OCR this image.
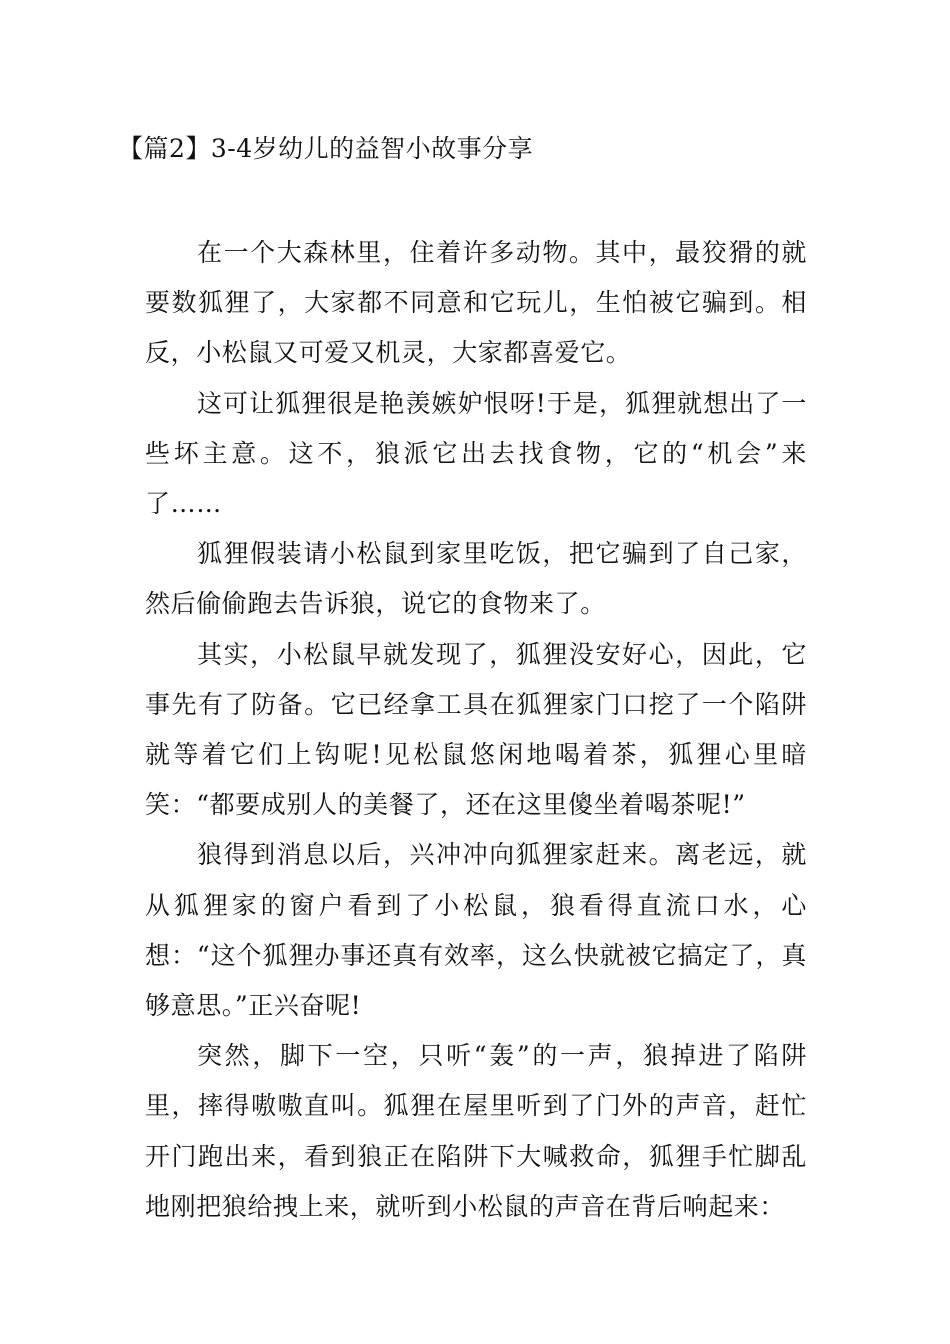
【篇2】3-4岁幼儿的益智小故事分享

在一个大森林里，住着许多动物。其中，最狡猾的就要数狐狸了，大家都不同意和它玩儿，生怕被它骗到。相反，小松鼠又可爱又机灵，大家都喜爱它。

这可让狐狸很是艳羡嫉妒恨呀!于是，狐狸就想出了一些坏主意。这不，狼派它出去找食物，它的“机会”来了……

狐狸假装请小松鼠到家里吃饭，把它骗到了自己家，然后偷偷跑去告诉狼，说它的食物来了。

其实，小松鼠早就发现了，狐狸没安好心，因此，它事先有了防备。它已经拿工具在狐狸家门口挖了一个陷阱就等着它们上钩呢!见松鼠悠闲地喝着茶，狐狸心里暗笑：“都要成别人的美餐了，还在这里傻坐着喝茶呢!”

狼得到消息以后，兴冲冲向狐狸家赶来。离老远，就从狐狸家的窗户看到了小松鼠，狼看得直流口水，心想：“这个狐狸办事还真有效率，这么快就被它搞定了，真够意思。”正兴奋呢!

突然，脚下一空，只听“轰”的一声，狼掉进了陷阱里，摔得嗷嗷直叫。狐狸在屋里听到了门外的声音，赶忙开门跑出来，看到狼正在陷阱下大喊救命，狐狸手忙脚乱地刚把狼给拽上来，就听到小松鼠的声音在背后响起来：
